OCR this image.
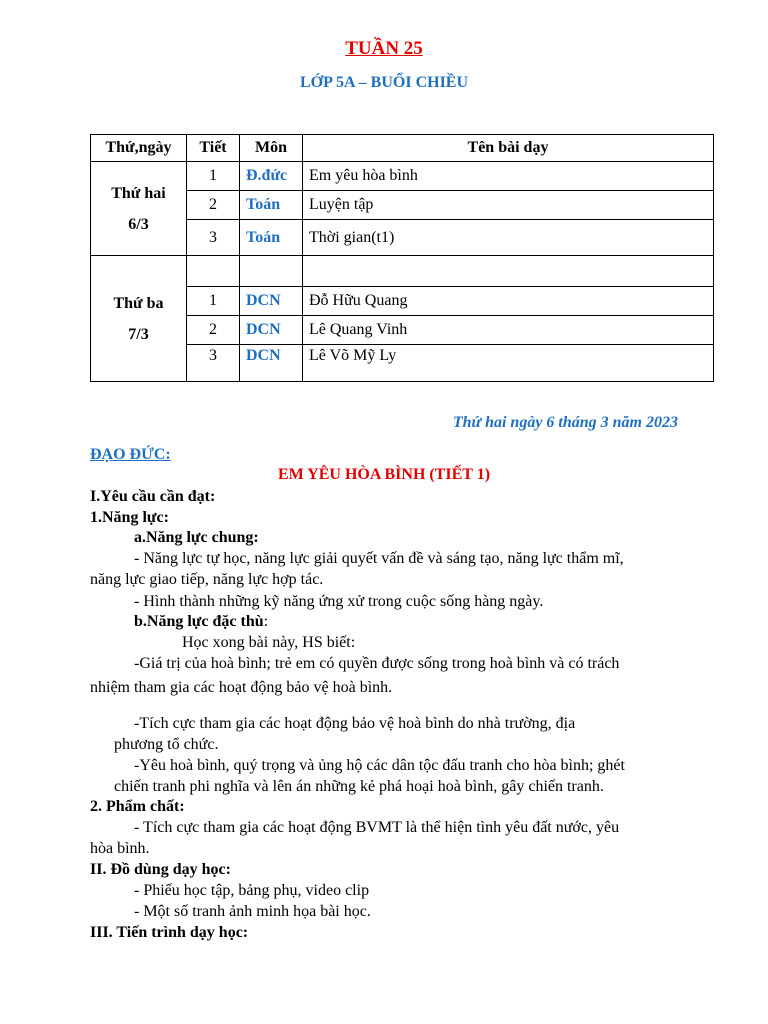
TUẦN 25
LỚP 5A – BUỔI CHIỀU
Thứ,ngày	Tiết	Môn	Tên bài dạy

Thứ hai
6/3	1	Đ.đức	Em yêu hòa bình
	2	Toán	Luyện tập
	3	Toán	Thời gian(t1)

Thứ ba
7/3			

	1	DCN	Đỗ Hữu Quang
	2	DCN	Lê Quang Vinh
	3	DCN	Lê Võ Mỹ Ly
Thứ hai ngày 6 tháng 3 năm 2023
ĐẠO ĐỨC:
EM YÊU HÒA BÌNH (TIẾT 1)
I.Yêu cầu cần đạt:
1.Năng lực:
a.Năng lực chung:
- Năng lực tự học, năng lực giải quyết vấn đề và sáng tạo, năng lực thẩm mĩ,
năng lực giao tiếp, năng lực hợp tác.
- Hình thành những kỹ năng ứng xử trong cuộc sống hàng ngày.
b.Năng lực đặc thù:
Học xong bài này, HS biết:
-Giá trị của hoà bình; trẻ em có quyền được sống trong hoà bình và có trách
nhiệm tham gia các hoạt động bảo vệ hoà bình.
-Tích cực tham gia các hoạt động bảo vệ hoà bình do nhà trường, địa
phương tổ chức.
-Yêu hoà bình, quý trọng và ủng hộ các dân tộc đấu tranh cho hòa bình; ghét
chiến tranh phi nghĩa và lên án những kẻ phá hoại hoà bình, gây chiến tranh.
2. Phẩm chất:
- Tích cực tham gia các hoạt động BVMT là thể hiện tình yêu đất nước, yêu
hòa bình.
II. Đồ dùng dạy học:
- Phiếu học tập, bảng phụ, video clip
- Một số tranh ảnh minh họa bài học.
III. Tiến trình dạy học:
